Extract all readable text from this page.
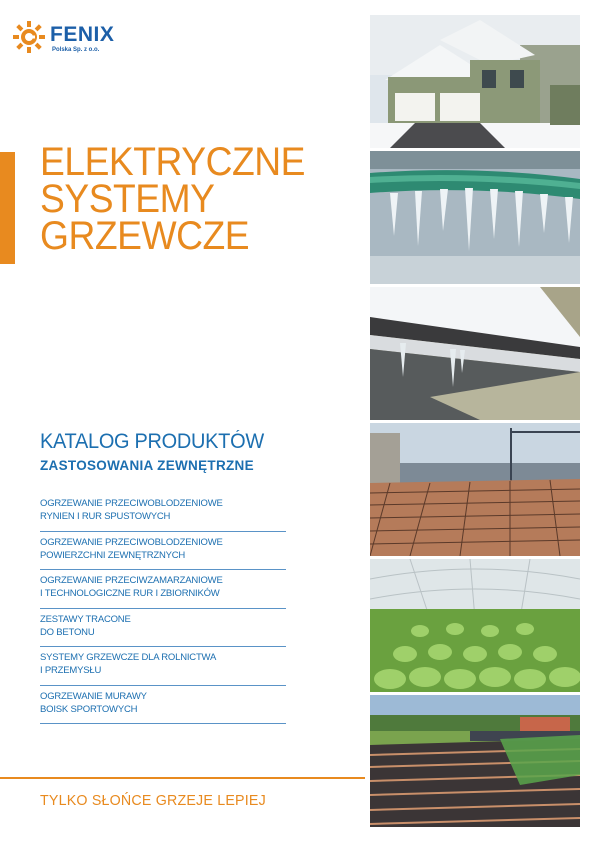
FENIX
Polska Sp. z o.o.
ELEKTRYCZNE
SYSTEMY
GRZEWCZE
KATALOG PRODUKTÓW
ZASTOSOWANIA ZEWNĘTRZNE
OGRZEWANIE PRZECIWOBLODZENIOWE
RYNIEN I RUR SPUSTOWYCH
OGRZEWANIE PRZECIWOBLODZENIOWE
POWIERZCHNI ZEWNĘTRZNYCH
OGRZEWANIE PRZECIWZAMARZANIOWE
I TECHNOLOGICZNE RUR I ZBIORNIKÓW
ZESTAWY TRACONE
DO BETONU
SYSTEMY GRZEWCZE DLA ROLNICTWA
I PRZEMYSŁU
OGRZEWANIE MURAWY
BOISK SPORTOWYCH
TYLKO SŁOŃCE GRZEJE LEPIEJ
